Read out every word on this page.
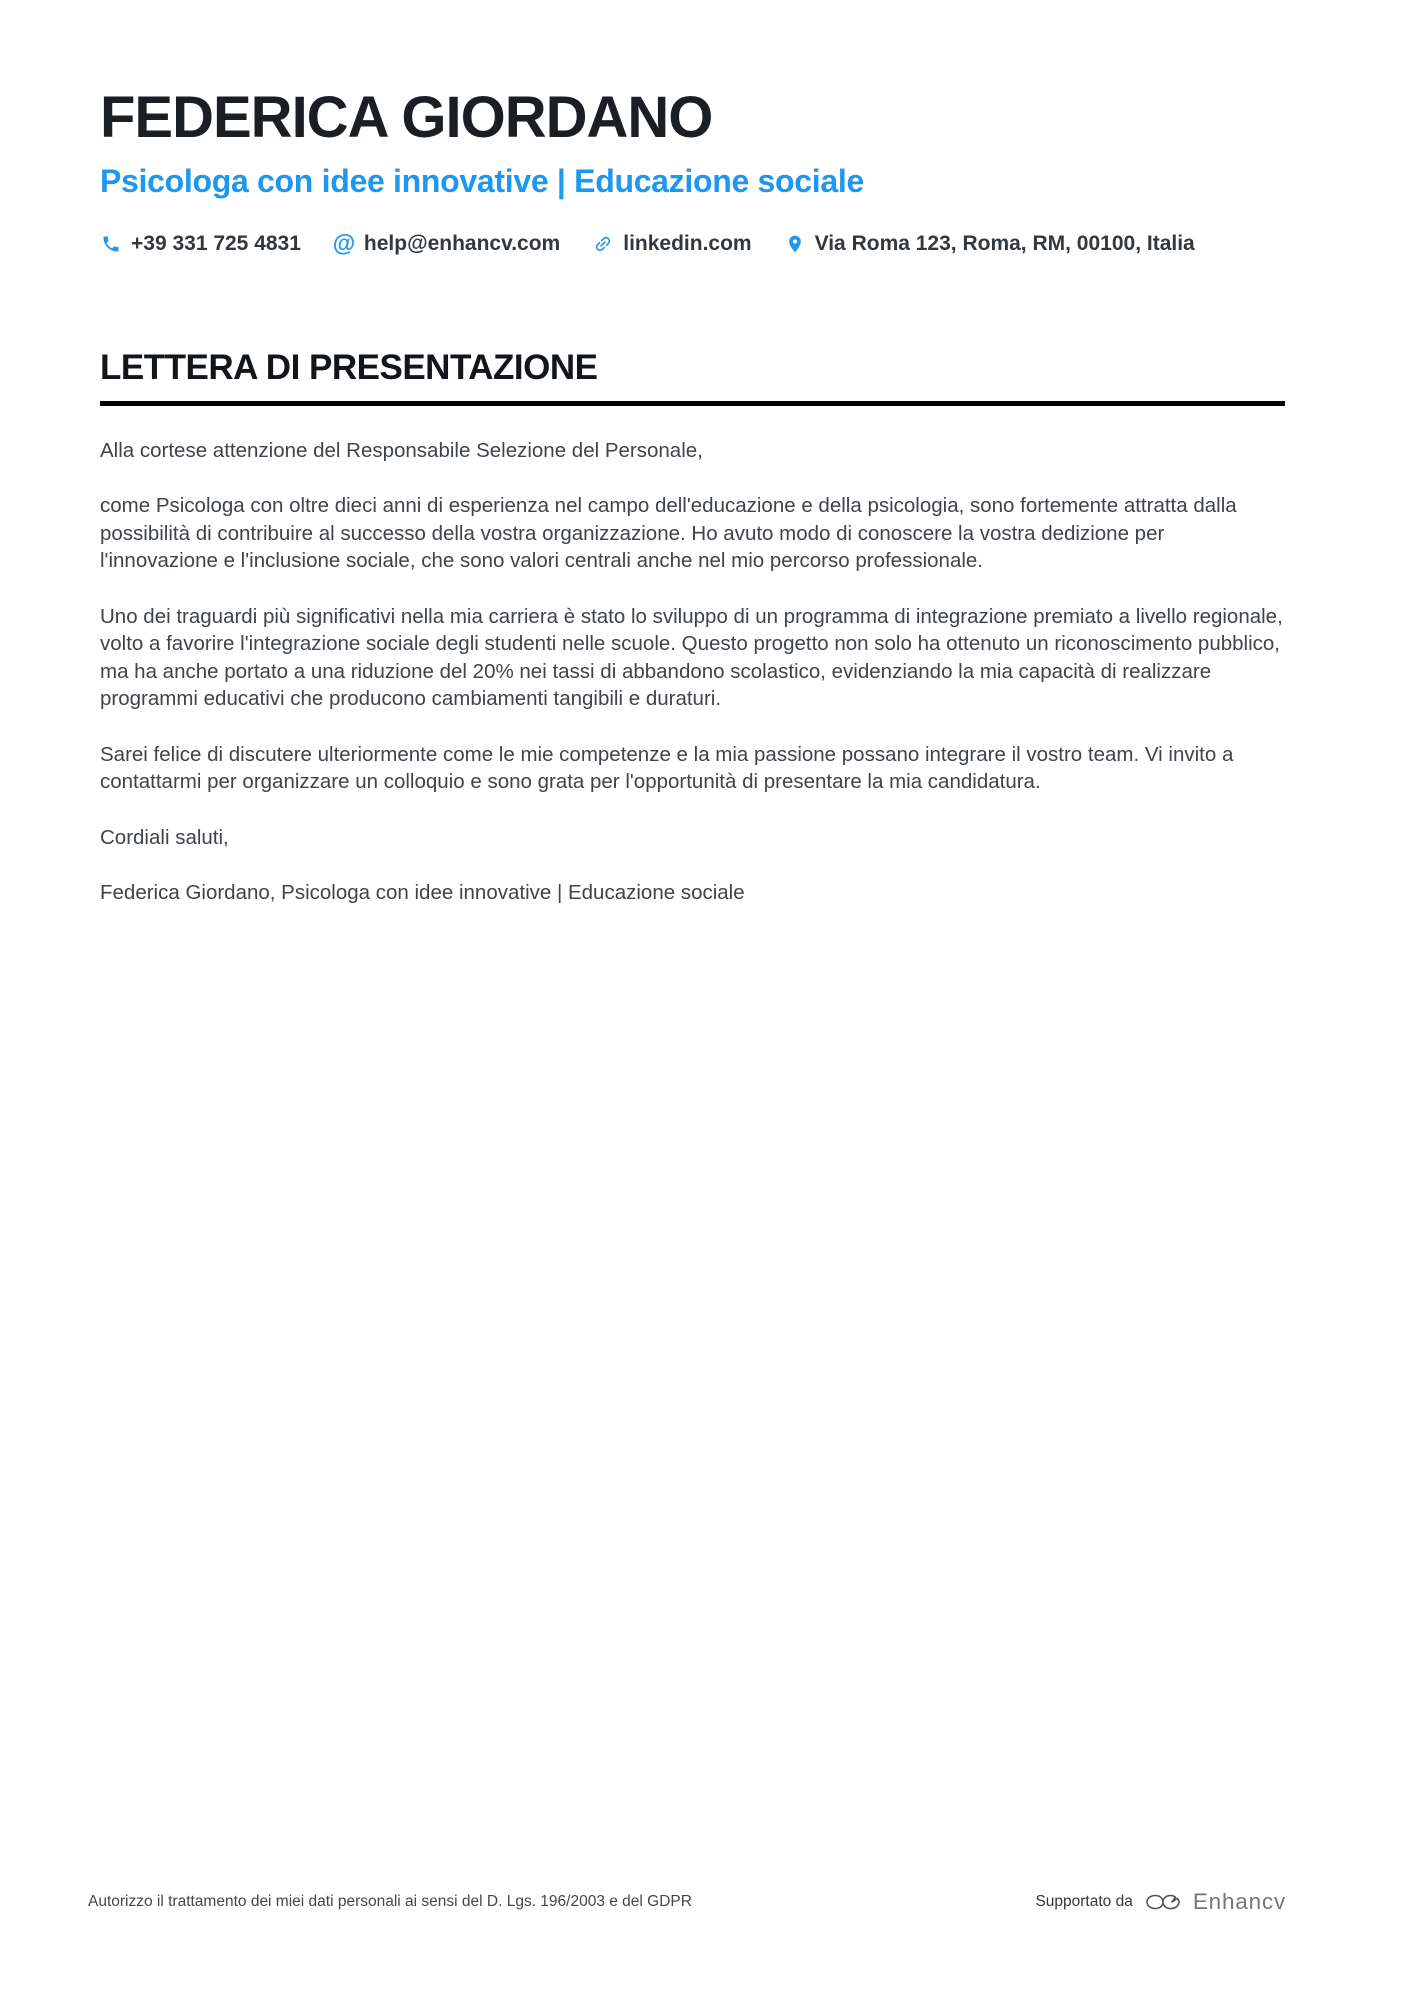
FEDERICA GIORDANO
Psicologa con idee innovative | Educazione sociale
+39 331 725 4831 @ help@enhancv.com	linkedin.com	Via Roma 123, Roma, RM, 00100, Italia
LETTERA DI PRESENTAZIONE

Alla cortese attenzione del Responsabile Selezione del Personale,

come Psicologa con oltre dieci anni di esperienza nel campo dell'educazione e della psicologia, sono fortemente attratta dalla possibilità di contribuire al successo della vostra organizzazione. Ho avuto modo di conoscere la vostra dedizione per l'innovazione e l'inclusione sociale, che sono valori centrali anche nel mio percorso professionale.

Uno dei traguardi più significativi nella mia carriera è stato lo sviluppo di un programma di integrazione premiato a livello regionale, volto a favorire l'integrazione sociale degli studenti nelle scuole. Questo progetto non solo ha ottenuto un riconoscimento pubblico, ma ha anche portato a una riduzione del 20% nei tassi di abbandono scolastico, evidenziando la mia capacità di realizzare programmi educativi che producono cambiamenti tangibili e duraturi.

Sarei felice di discutere ulteriormente come le mie competenze e la mia passione possano integrare il vostro team. Vi invito a contattarmi per organizzare un colloquio e sono grata per l'opportunità di presentare la mia candidatura.

Cordiali saluti,

Federica Giordano, Psicologa con idee innovative | Educazione sociale

Autorizzo il trattamento dei miei dati personali ai sensi del D. Lgs. 196/2003 e del GDPR	Supportato da	Enhancv
